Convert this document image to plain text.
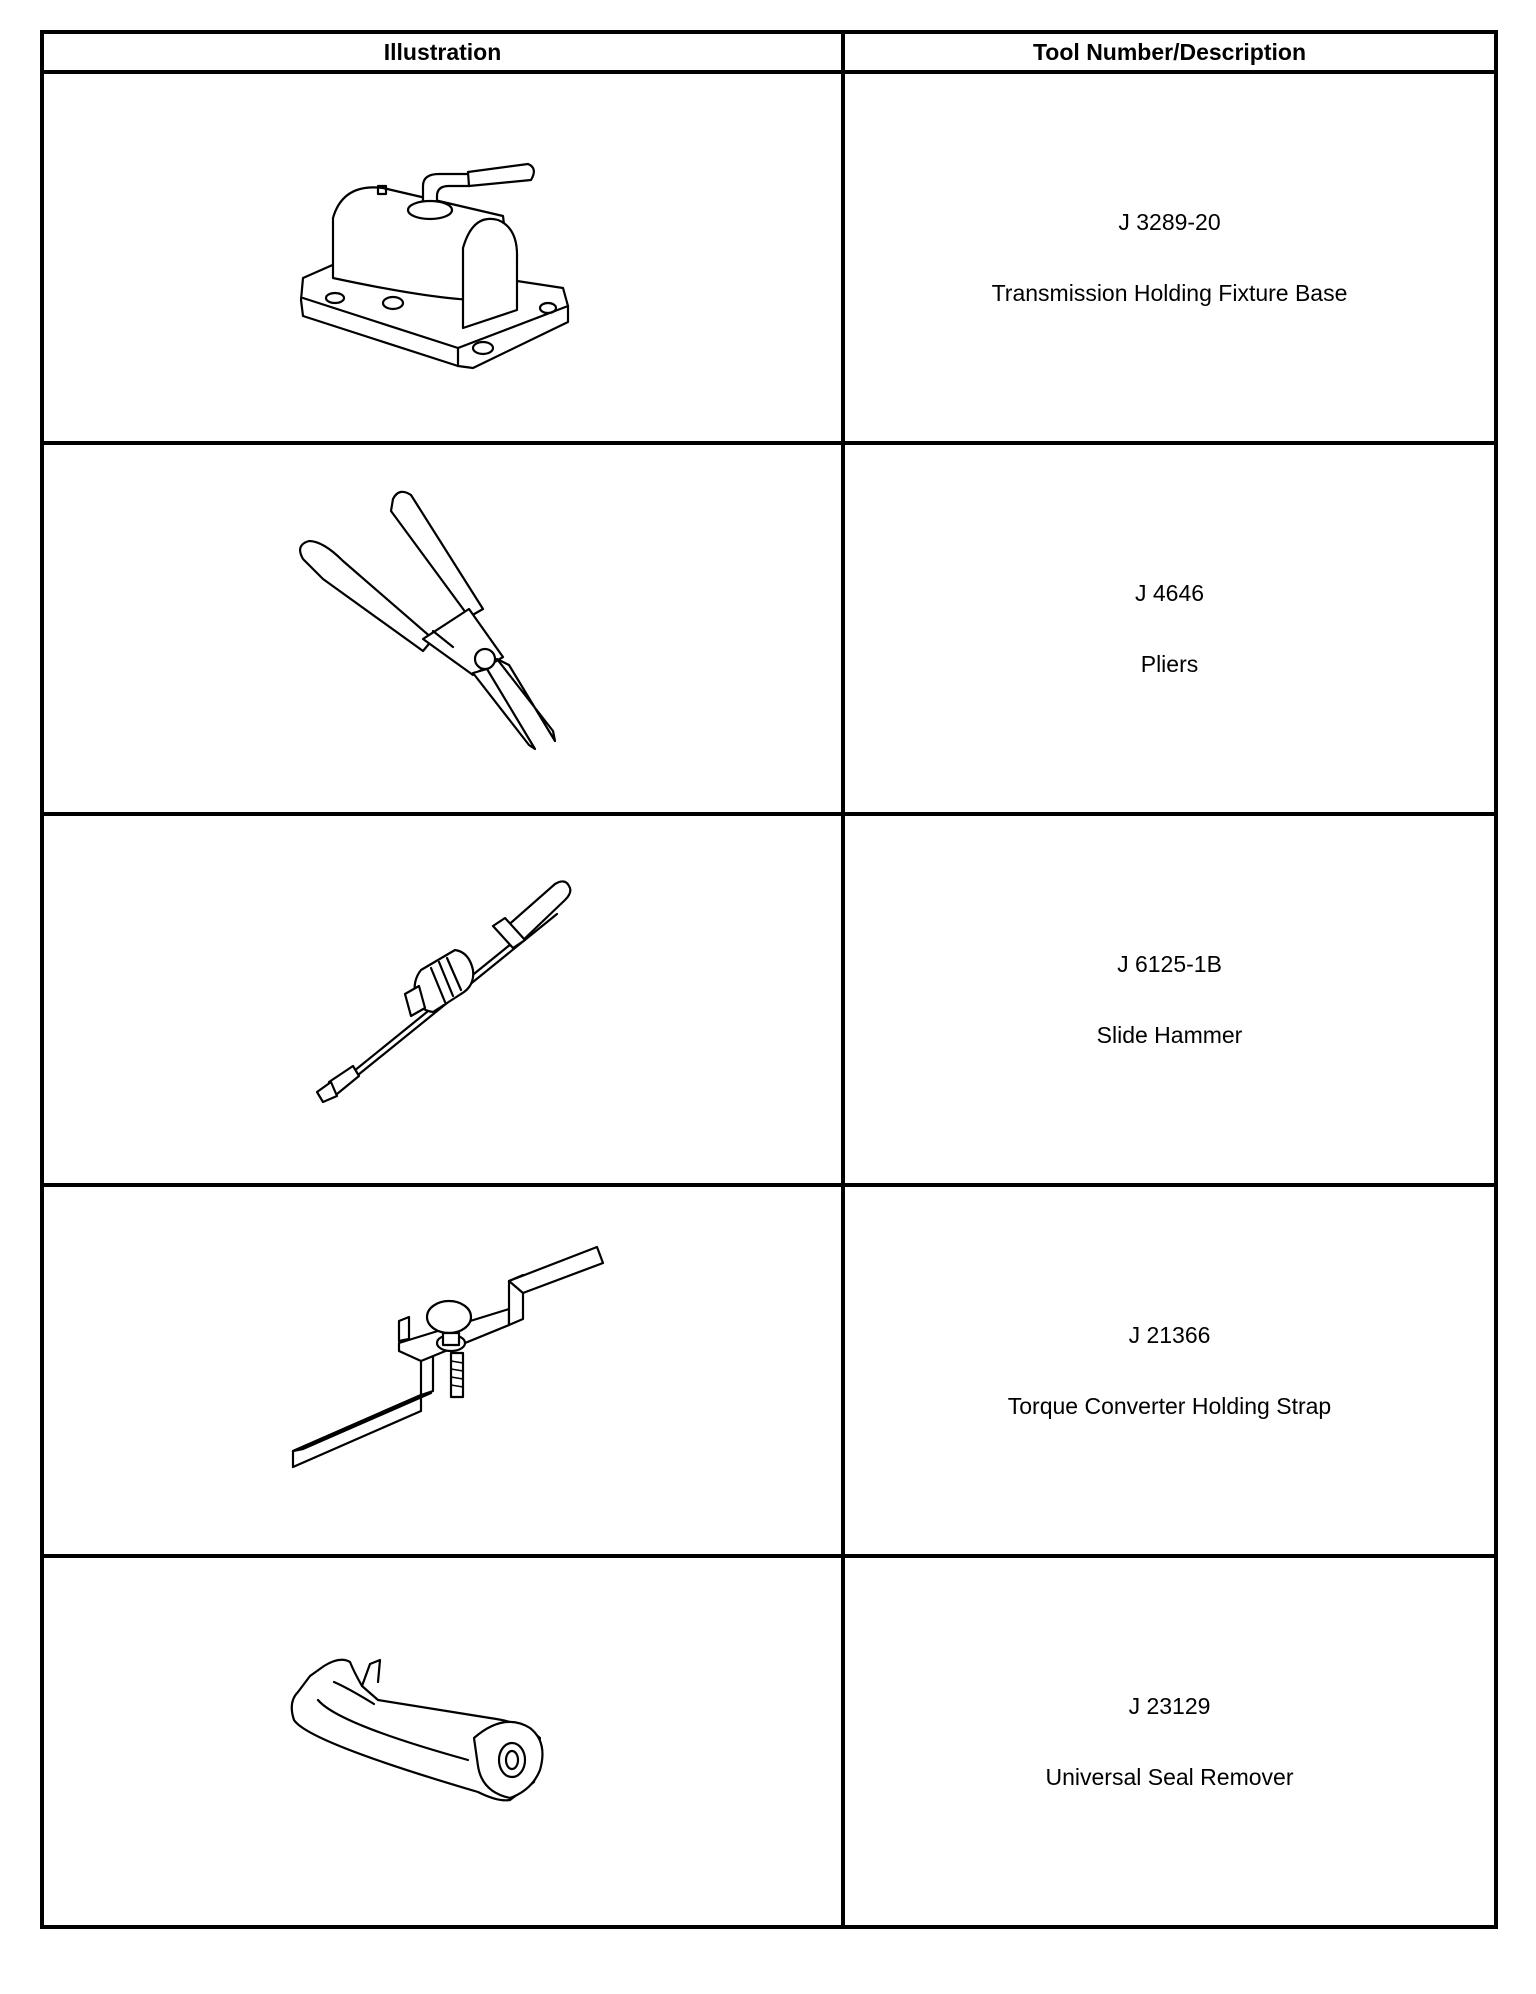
Illustration	Tool Number/Description

J 3289-20
Transmission Holding Fixture Base

J 4646
Pliers

J 6125-1B
Slide Hammer

J 21366
Torque Converter Holding Strap

J 23129
Universal Seal Remover
